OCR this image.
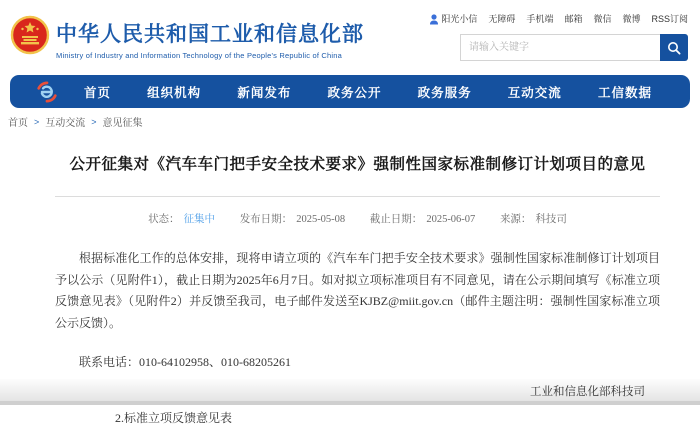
中华人民共和国工业和信息化部
Ministry of Industry and Information Technology of the People's Republic of China
阳光小信 无障碍 手机端 邮箱 微信 微博 RSS订阅
请输入关键字
首页	组织机构	新闻发布	政务公开	政务服务	互动交流	工信数据
首页 > 互动交流 > 意见征集
公开征集对《汽车车门把手安全技术要求》强制性国家标准制修订计划项目的意见
状态： 征集中 发布日期： 2025-05-08 截止日期： 2025-06-07 来源： 科技司

根据标准化工作的总体安排，现将申请立项的《汽车车门把手安全技术要求》强制性国家标准制修订计划项目予以公示（见附件1），截止日期为2025年6月7日。如对拟立项标准项目有不同意见，请在公示期间填写《标准立项反馈意见表》（见附件2）并反馈至我司，电子邮件发送至KJBZ@miit.gov.cn（邮件主题注明：强制性国家标准立项公示反馈）。

联系电话：010-64102958、010-68205261

2.标准立项反馈意见表
工业和信息化部科技司
